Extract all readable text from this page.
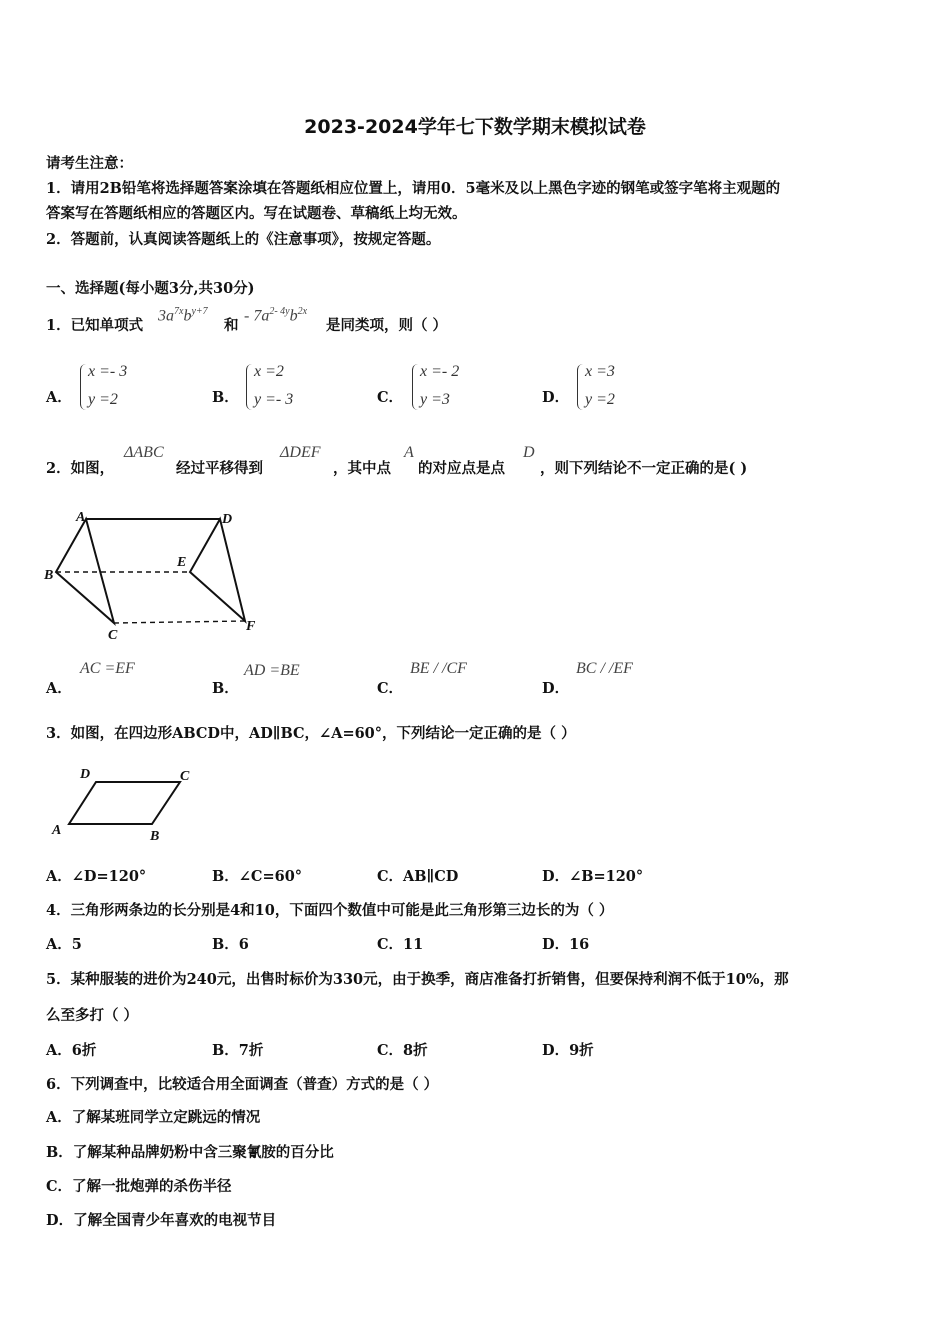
2023-2024学年七下数学期末模拟试卷
请考生注意：
1．请用2B铅笔将选择题答案涂填在答题纸相应位置上，请用0．5毫米及以上黑色字迹的钢笔或签字笔将主观题的
答案写在答题纸相应的答题区内。写在试题卷、草稿纸上均无效。
2．答题前，认真阅读答题纸上的《注意事项》，按规定答题。
一、选择题(每小题3分,共30分)
1．已知单项式
$3a^{7x}b^{y+7}$
和
- $7a^{2- 4y}b^{2x}$
是同类项，则（ ）
A．
x =- 3
y =2	B．
x =2
y =- 3	C．
x =- 2
y =3	D．
x =3
y =2
2．如图，
ΔABC
经过平移得到
ΔDEF
，其中点
A
的对应点是点
D
，则下列结论不一定正确的是( )
A	D
B
E
C
F
A．
AC =EF
B．
AD =BE
C．
BE / /CF
D．
BC / /EF
3．如图，在四边形ABCD中，AD∥BC，∠A=60°，下列结论一定正确的是（ ）
D	C
A	B
A．∠D=120°	B．∠C=60°	C．AB∥CD	D．∠B=120°
4．三角形两条边的长分别是4和10，下面四个数值中可能是此三角形第三边长的为（ ）
A．5	B．6	C．11	D．16
5．某种服装的进价为240元，出售时标价为330元，由于换季，商店准备打折销售，但要保持利润不低于10%，那
么至多打（ ）
A．6折	B．7折	C．8折	D．9折
6．下列调查中，比较适合用全面调查（普查）方式的是（ ）
A．了解某班同学立定跳远的情况
B．了解某种品牌奶粉中含三聚氰胺的百分比
C．了解一批炮弹的杀伤半径
D．了解全国青少年喜欢的电视节目
